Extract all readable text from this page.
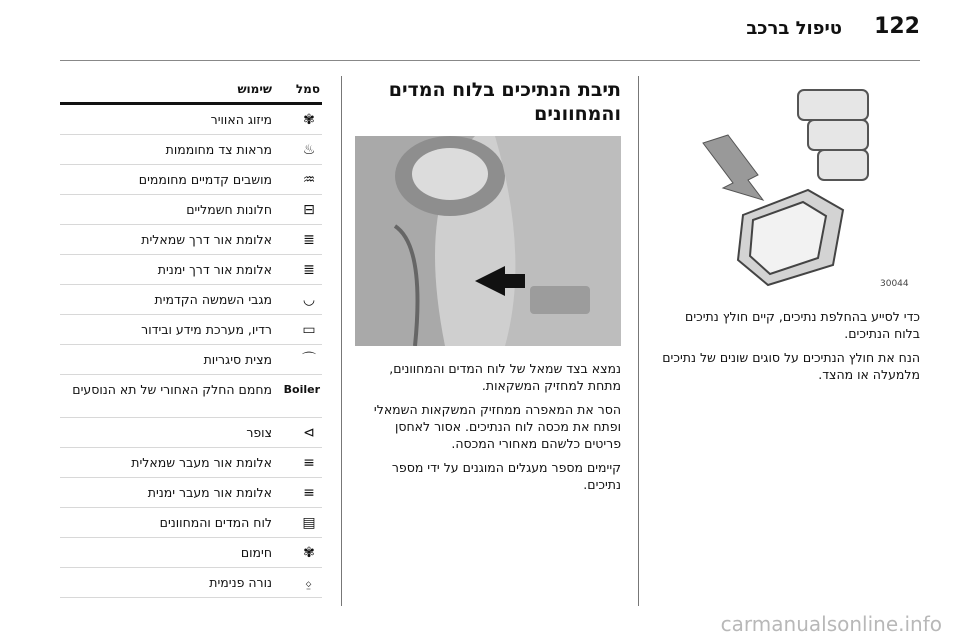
122
טיפול ברכב
סמל
שימוש
✾
מיזוג האוויר
♨
מראות צד מחוממות
♒
מושבים קדמיים מחוממים
⊟
חלונות חשמליים
≣
אלומת אור דרך שמאלית
≣
אלומת אור דרך ימנית
◡
מגבי השמשה הקדמית
▭
רדיו, מערכת מידע ובידור
⌒
מצית סיגריות
Boiler
מחמם החלק האחורי של תא הנוסעים
⊳
צופר
≡
אלומת אור מעבר שמאלית
≡
אלומת אור מעבר ימנית
▤
לוח המדים והמחוונים
✾
חימום
⍚
נורה פנימית
תיבת הנתיכים בלוח המדים והמחוונים

נמצא בצד שמאל של לוח המדים והמחוונים, מתחת למחזיק המשקאות.

הסר את המאפרה ממחזיק המשקאות השמאלי ופתח את מכסה לוח הנתיכים. אסור לאחסן פריטים כלשהם מאחורי המכסה.

קיימים מספר מעגלים המוגנים על ידי מספר נתיכים.

30044

כדי לסייע בהחלפת נתיכים, קיים חולץ נתיכים בלוח הנתיכים.

הנח את חולץ הנתיכים על סוגים שונים של נתיכים מלמעלה או מהצד.

carmanualsonline.info
